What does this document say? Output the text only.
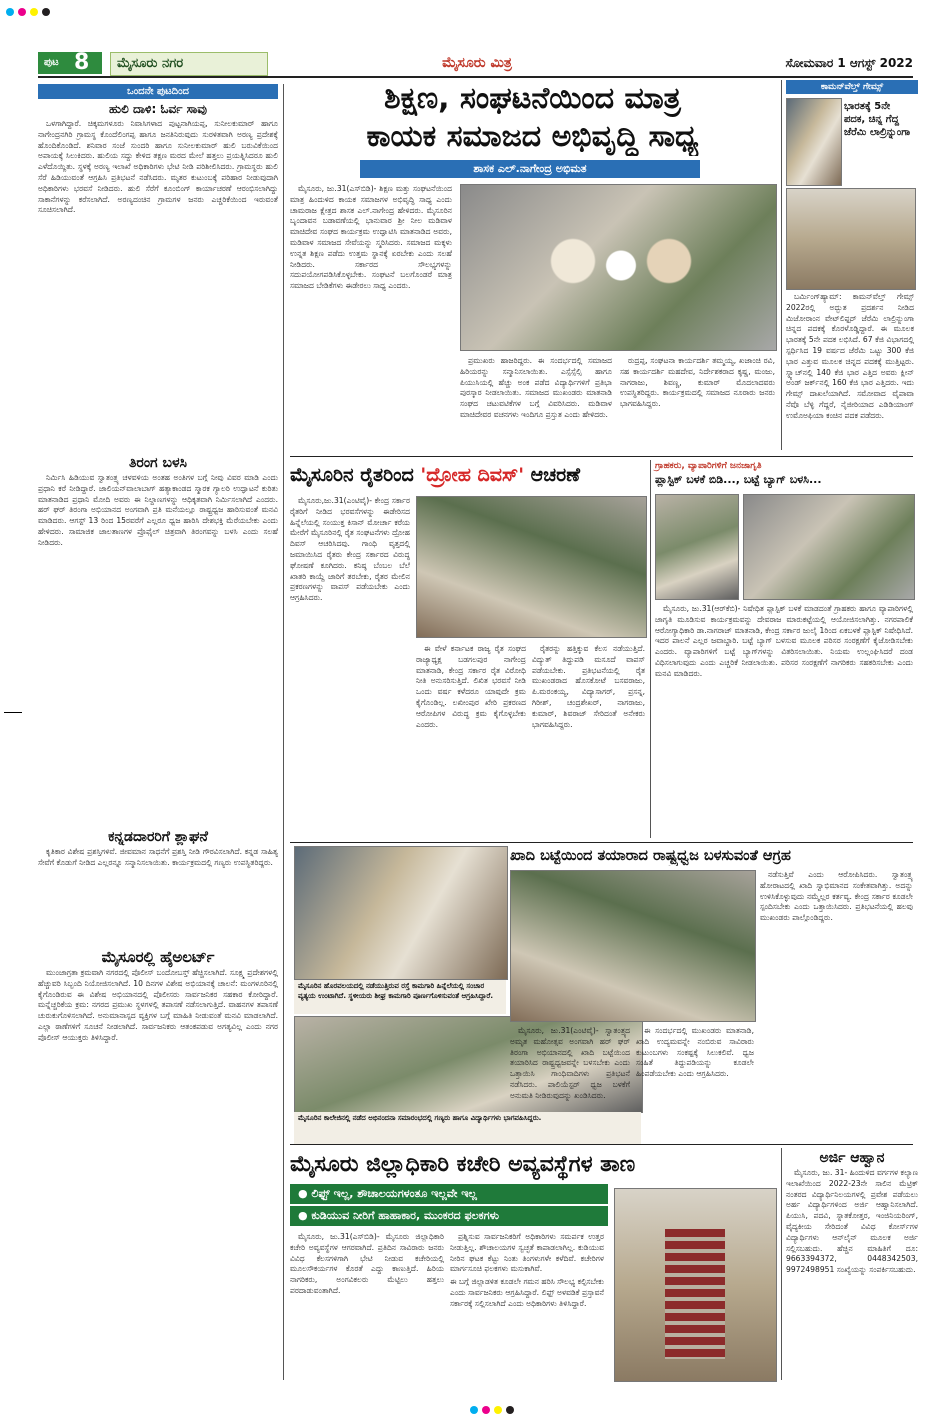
ಪುಟ 8	ಮೈಸೂರು ನಗರ	ಮೈಸೂರು ಮಿತ್ರ	ಸೋಮವಾರ 1 ಆಗಸ್ಟ್ 2022
ಒಂದನೇ ಪುಟದಿಂದ
ಹುಲಿ ದಾಳಿ: ಓರ್ವ ಸಾವು

ಒಳಗಾಗಿದ್ದಾರೆ. ಚಿಕ್ಕಮಗಳೂರು ನಿವಾಸಿಗಳಾದ ಪುಟ್ಟನಾಗಿಯಪ್ಪ, ಸುನೀಲಕುಮಾರ್ ಹಾಗೂ ನಾಗೇಂದ್ರನಗಿರಿ ಗ್ರಾಮಸ್ಥ ಕೊಂದೆಲಿಂಗಪ್ಪ ಹಾಗೂ ಜನತಿನಿರುವುದು ಸುರಳಿತವಾಗಿ ಅರಣ್ಯ ಪ್ರದೇಶಕ್ಕೆ ಹೊಂದಿಕೊಂಡಿದೆ. ಶನಿವಾರ ಸಂಜೆ ಸುಂದರಿ ಹಾಗೂ ಸುನೀಲಕುಮಾರ್ ಹುಲಿ ಬರುವಿಕೆಯಿಂದ ಅಪಾಯಕ್ಕೆ ಸಿಲುಕಿದರು. ಹುಲಿಯ ಸದ್ದು ಕೇಳಿದ ತಕ್ಷಣ ಮರದ ಮೇಲೆ ಹತ್ತಲು ಪ್ರಯತ್ನಿಸಿದರೂ ಹುಲಿ ಎಳೆದೊಯ್ದಿತು. ಸ್ಥಳಕ್ಕೆ ಅರಣ್ಯ ಇಲಾಖೆ ಅಧಿಕಾರಿಗಳು ಭೇಟಿ ನೀಡಿ ಪರಿಶೀಲಿಸಿದರು. ಗ್ರಾಮಸ್ಥರು ಹುಲಿ ಸೆರೆ ಹಿಡಿಯುವಂತೆ ಆಗ್ರಹಿಸಿ ಪ್ರತಿಭಟನೆ ನಡೆಸಿದರು. ಮೃತರ ಕುಟುಂಬಕ್ಕೆ ಪರಿಹಾರ ನೀಡುವುದಾಗಿ ಅಧಿಕಾರಿಗಳು ಭರವಸೆ ನೀಡಿದರು. ಹುಲಿ ಸೆರೆಗೆ ಕೂಂಬಿಂಗ್ ಕಾರ್ಯಾಚರಣೆ ಆರಂಭಿಸಲಾಗಿದ್ದು ಸಾಕಾನೆಗಳನ್ನು ಕರೆಸಲಾಗಿದೆ. ಅರಣ್ಯದಂಚಿನ ಗ್ರಾಮಗಳ ಜನರು ಎಚ್ಚರಿಕೆಯಿಂದ ಇರುವಂತೆ ಸೂಚಿಸಲಾಗಿದೆ.

ತಿರಂಗ ಬಳಸಿ

ನಿರ್ಮಿಸಿ ಹಿಡಿಯುವ ಸ್ವಾತಂತ್ರ್ಯ ಚಳವಳಿಯ ಅಂತಹ ಅಂತಿಗಳ ಬಗ್ಗೆ ನೀವು ವಿವರ ಮಾಡಿ ಎಂದು ಪ್ರಧಾನಿ ಕರೆ ನೀಡಿದ್ದಾರೆ. ಜಾಲಿಯನ್‌ವಾಲಾಬಾಗ್ ಹತ್ಯಾಕಾಂಡದ ಸ್ಮಾರಕ ಗ್ಯಾಲರಿ ಉದ್ಘಾಟನೆ ಕುರಿತು ಮಾತನಾಡಿದ ಪ್ರಧಾನಿ ಮೋದಿ ಅವರು ಈ ನಿಲ್ದಾಣಗಳನ್ನು ಆಧಿಕೃತವಾಗಿ ನಿರ್ಮಿಸಲಾಗಿದೆ ಎಂದರು. ಹರ್ ಘರ್ ತಿರಂಗಾ ಅಭಿಯಾನದ ಅಂಗವಾಗಿ ಪ್ರತಿ ಮನೆಯಲ್ಲೂ ರಾಷ್ಟ್ರಧ್ವಜ ಹಾರಿಸುವಂತೆ ಮನವಿ ಮಾಡಿದರು. ಆಗಸ್ಟ್ 13 ರಿಂದ 15ರವರೆಗೆ ಎಲ್ಲರೂ ಧ್ವಜ ಹಾರಿಸಿ ದೇಶಭಕ್ತಿ ಮೆರೆಯಬೇಕು ಎಂದು ಹೇಳಿದರು. ಸಾಮಾಜಿಕ ಜಾಲತಾಣಗಳ ಪ್ರೊಫೈಲ್ ಚಿತ್ರವಾಗಿ ತಿರಂಗವನ್ನು ಬಳಸಿ ಎಂದು ಸಲಹೆ ನೀಡಿದರು.

ಕನ್ನಡದಾರರಿಗೆ ಶ್ಲಾಘನೆ

ಕೃತಿಕಾರ ವಿಶೇಷ ಪ್ರಶಸ್ತಿಗಳಿವೆ. ಜೀವಮಾನ ಸಾಧನೆಗೆ ಪ್ರಶಸ್ತಿ ನೀಡಿ ಗೌರವಿಸಲಾಗಿದೆ. ಕನ್ನಡ ಸಾಹಿತ್ಯ ಸೇವೆಗೆ ಕೊಡುಗೆ ನೀಡಿದ ಎಲ್ಲರನ್ನೂ ಸನ್ಮಾನಿಸಲಾಯಿತು. ಕಾರ್ಯಕ್ರಮದಲ್ಲಿ ಗಣ್ಯರು ಉಪಸ್ಥಿತರಿದ್ದರು.

ಮೈಸೂರಲ್ಲಿ ಹೈಅಲರ್ಟ್

ಮುಂಜಾಗ್ರತಾ ಕ್ರಮವಾಗಿ ನಗರದಲ್ಲಿ ಪೊಲೀಸ್ ಬಂದೋಬಸ್ತ್ ಹೆಚ್ಚಿಸಲಾಗಿದೆ. ಸೂಕ್ಷ್ಮ ಪ್ರದೇಶಗಳಲ್ಲಿ ಹೆಚ್ಚುವರಿ ಸಿಬ್ಬಂದಿ ನಿಯೋಜಿಸಲಾಗಿದೆ. 10 ದಿನಗಳ ವಿಶೇಷ ಅಭಿಯಾನಕ್ಕೆ ಚಾಲನೆ: ಮಂಗಳೂರಿನಲ್ಲಿ ಕೈಗೊಂಡಿರುವ ಈ ವಿಶೇಷ ಅಭಿಯಾನದಲ್ಲಿ ಪೊಲೀಸರು ಸಾರ್ವಜನಿಕರ ಸಹಕಾರ ಕೋರಿದ್ದಾರೆ. ಮನ್ನೆಚ್ಚರಿಕೆಯ ಕ್ರಮ: ನಗರದ ಪ್ರಮುಖ ಸ್ಥಳಗಳಲ್ಲಿ ತಪಾಸಣೆ ನಡೆಸಲಾಗುತ್ತಿದೆ. ವಾಹನಗಳ ತಪಾಸಣೆ ಚುರುಕುಗೊಳಿಸಲಾಗಿದೆ. ಅನುಮಾನಾಸ್ಪದ ವ್ಯಕ್ತಿಗಳ ಬಗ್ಗೆ ಮಾಹಿತಿ ನೀಡುವಂತೆ ಮನವಿ ಮಾಡಲಾಗಿದೆ. ಎಲ್ಲಾ ಠಾಣೆಗಳಿಗೆ ಸೂಚನೆ ನೀಡಲಾಗಿದೆ. ಸಾರ್ವಜನಿಕರು ಆತಂಕಪಡುವ ಅಗತ್ಯವಿಲ್ಲ ಎಂದು ನಗರ ಪೊಲೀಸ್ ಆಯುಕ್ತರು ತಿಳಿಸಿದ್ದಾರೆ.

ಶಿಕ್ಷಣ, ಸಂಘಟನೆಯಿಂದ ಮಾತ್ರ
ಕಾಯಕ ಸಮಾಜದ ಅಭಿವೃದ್ಧಿ ಸಾಧ್ಯ
ಶಾಸಕ ಎಲ್.ನಾಗೇಂದ್ರ ಅಭಿಮತ

ಮೈಸೂರು, ಜು.31(ಎಸ್‌ಬಿಡಿ)- ಶಿಕ್ಷಣ ಮತ್ತು ಸಂಘಟನೆಯಿಂದ ಮಾತ್ರ ಹಿಂದುಳಿದ ಕಾಯಕ ಸಮಾಜಗಳ ಅಭಿವೃದ್ಧಿ ಸಾಧ್ಯ ಎಂದು ಚಾಮರಾಜ ಕ್ಷೇತ್ರದ ಶಾಸಕ ಎಲ್.ನಾಗೇಂದ್ರ ಹೇಳಿದರು. ಮೈಸೂರಿನ ಬೃಂದಾವನ ಬಡಾವಣೆಯಲ್ಲಿ ಭಾನುವಾರ ಶ್ರೀ ನೀಲ ಮಡಿವಾಳ ಮಾಚಿದೇವ ಸಂಘದ ಕಾರ್ಯಕ್ರಮ ಉದ್ಘಾಟಿಸಿ ಮಾತನಾಡಿದ ಅವರು, ಮಡಿವಾಳ ಸಮಾಜದ ಸೇವೆಯನ್ನು ಸ್ಮರಿಸಿದರು. ಸಮಾಜದ ಮಕ್ಕಳು ಉನ್ನತ ಶಿಕ್ಷಣ ಪಡೆದು ಉತ್ತಮ ಸ್ಥಾನಕ್ಕೆ ಏರಬೇಕು ಎಂದು ಸಲಹೆ ನೀಡಿದರು. ಸರ್ಕಾರದ ಸೌಲಭ್ಯಗಳನ್ನು ಸದುಪಯೋಗಪಡಿಸಿಕೊಳ್ಳಬೇಕು. ಸಂಘಟನೆ ಬಲಗೊಂಡರೆ ಮಾತ್ರ ಸಮಾಜದ ಬೇಡಿಕೆಗಳು ಈಡೇರಲು ಸಾಧ್ಯ ಎಂದರು.

ಪ್ರಮುಖರು ಹಾಜರಿದ್ದರು. ಈ ಸಂದರ್ಭದಲ್ಲಿ ಸಮಾಜದ ಹಿರಿಯರನ್ನು ಸನ್ಮಾನಿಸಲಾಯಿತು. ಎಸ್ಸೆಸ್ಸೆಲ್ಸಿ ಹಾಗೂ ಪಿಯುಸಿಯಲ್ಲಿ ಹೆಚ್ಚು ಅಂಕ ಪಡೆದ ವಿದ್ಯಾರ್ಥಿಗಳಿಗೆ ಪ್ರತಿಭಾ ಪುರಸ್ಕಾರ ನೀಡಲಾಯಿತು. ಸಮಾಜದ ಮುಖಂಡರು ಮಾತನಾಡಿ ಸಂಘದ ಚಟುವಟಿಕೆಗಳ ಬಗ್ಗೆ ವಿವರಿಸಿದರು. ಮಡಿವಾಳ ಮಾಚಿದೇವರ ವಚನಗಳು ಇಂದಿಗೂ ಪ್ರಸ್ತುತ ಎಂದು ಹೇಳಿದರು.

ರುದ್ರಪ್ಪ, ಸಂಘಟನಾ ಕಾರ್ಯದರ್ಶಿ ತಮ್ಮಯ್ಯ, ಖಜಾಂಚಿ ರವಿ, ಸಹ ಕಾರ್ಯದರ್ಶಿ ಮಹದೇವ, ನಿರ್ದೇಶಕರಾದ ಕೃಷ್ಣ, ಮಂಜು, ನಾಗರಾಜು, ಶಿವಣ್ಣ, ಕುಮಾರ್ ಮೊದಲಾದವರು ಉಪಸ್ಥಿತರಿದ್ದರು. ಕಾರ್ಯಕ್ರಮದಲ್ಲಿ ಸಮಾಜದ ನೂರಾರು ಜನರು ಭಾಗವಹಿಸಿದ್ದರು.

ಕಾಮನ್‌ವೆಲ್ತ್ ಗೇಮ್ಸ್
ಭಾರತಕ್ಕೆ 5ನೇ ಪದಕ, ಚಿನ್ನ ಗೆದ್ದ ಜೆರೆಮಿ ಲಾಲ್ರಿನ್ನುಂಗಾ

ಬರ್ಮಿಂಗ್‌ಹ್ಯಾಮ್: ಕಾಮನ್‌ವೆಲ್ತ್ ಗೇಮ್ಸ್ 2022ರಲ್ಲಿ ಅದ್ಭುತ ಪ್ರದರ್ಶನ ನೀಡಿದ ಮಿಜೋರಾಂನ ವೇಟ್‌ಲಿಫ್ಟರ್ ಜೆರೆಮಿ ಲಾಲ್ರಿನ್ನುಂಗಾ ಚಿನ್ನದ ಪದಕಕ್ಕೆ ಕೊರಳೊಡ್ಡಿದ್ದಾರೆ. ಈ ಮೂಲಕ ಭಾರತಕ್ಕೆ 5ನೇ ಪದಕ ಲಭಿಸಿದೆ. 67 ಕೆಜಿ ವಿಭಾಗದಲ್ಲಿ ಸ್ಪರ್ಧಿಸಿದ 19 ವರ್ಷದ ಜೆರೆಮಿ ಒಟ್ಟು 300 ಕೆಜಿ ಭಾರ ಎತ್ತುವ ಮೂಲಕ ಚಿನ್ನದ ಪದಕಕ್ಕೆ ಮುತ್ತಿಟ್ಟರು. ಸ್ನ್ಯಾಚ್‌ನಲ್ಲಿ 140 ಕೆಜಿ ಭಾರ ಎತ್ತಿದ ಅವರು ಕ್ಲೀನ್ ಅಂಡ್ ಜರ್ಕ್‌ನಲ್ಲಿ 160 ಕೆಜಿ ಭಾರ ಎತ್ತಿದರು. ಇದು ಗೇಮ್ಸ್ ದಾಖಲೆಯಾಗಿದೆ. ಸಮೋವಾದ ವೈಪಾವಾ ನೆವೊ ಬೆಳ್ಳಿ ಗೆದ್ದರೆ, ನೈಜೀರಿಯಾದ ಎಡಿಡಿಯಾಂಗ್ ಉಮೊಅಫಿಯಾ ಕಂಚಿನ ಪದಕ ಪಡೆದರು.

ಮೈಸೂರಿನ ರೈತರಿಂದ 'ದ್ರೋಹ ದಿವಸ್' ಆಚರಣೆ

ಮೈಸೂರು,ಜು.31(ಎಂಟಿವೈ)- ಕೇಂದ್ರ ಸರ್ಕಾರ ರೈತರಿಗೆ ನೀಡಿದ ಭರವಸೆಗಳನ್ನು ಈಡೇರಿಸದ ಹಿನ್ನೆಲೆಯಲ್ಲಿ ಸಂಯುಕ್ತ ಕಿಸಾನ್ ಮೋರ್ಚಾ ಕರೆಯ ಮೇರೆಗೆ ಮೈಸೂರಿನಲ್ಲಿ ರೈತ ಸಂಘಟನೆಗಳು ದ್ರೋಹ ದಿವಸ್ ಆಚರಿಸಿದವು. ಗಾಂಧಿ ವೃತ್ತದಲ್ಲಿ ಜಮಾಯಿಸಿದ ರೈತರು ಕೇಂದ್ರ ಸರ್ಕಾರದ ವಿರುದ್ಧ ಘೋಷಣೆ ಕೂಗಿದರು. ಕನಿಷ್ಠ ಬೆಂಬಲ ಬೆಲೆ ಖಾತರಿ ಕಾಯ್ದೆ ಜಾರಿಗೆ ತರಬೇಕು, ರೈತರ ಮೇಲಿನ ಪ್ರಕರಣಗಳನ್ನು ವಾಪಸ್ ಪಡೆಯಬೇಕು ಎಂದು ಆಗ್ರಹಿಸಿದರು.

ಈ ವೇಳೆ ಕರ್ನಾಟಕ ರಾಜ್ಯ ರೈತ ಸಂಘದ ರಾಜ್ಯಾಧ್ಯಕ್ಷ ಬಡಗಲಪುರ ನಾಗೇಂದ್ರ ಮಾತನಾಡಿ, ಕೇಂದ್ರ ಸರ್ಕಾರ ರೈತ ವಿರೋಧಿ ನೀತಿ ಅನುಸರಿಸುತ್ತಿದೆ. ಲಿಖಿತ ಭರವಸೆ ನೀಡಿ ಒಂದು ವರ್ಷ ಕಳೆದರೂ ಯಾವುದೇ ಕ್ರಮ ಕೈಗೊಂಡಿಲ್ಲ. ಲಖೀಂಪುರ ಖೇರಿ ಪ್ರಕರಣದ ಆರೋಪಿಗಳ ವಿರುದ್ಧ ಕ್ರಮ ಕೈಗೊಳ್ಳಬೇಕು ಎಂದರು.

ರೈತರನ್ನು ಹತ್ತಿಕ್ಕುವ ಕೆಲಸ ನಡೆಯುತ್ತಿದೆ. ವಿದ್ಯುತ್ ತಿದ್ದುಪಡಿ ಮಸೂದೆ ವಾಪಸ್ ಪಡೆಯಬೇಕು. ಪ್ರತಿಭಟನೆಯಲ್ಲಿ ರೈತ ಮುಖಂಡರಾದ ಹೊಸಕೋಟೆ ಬಸವರಾಜು, ಪಿ.ಮರಂಕಯ್ಯ, ವಿದ್ಯಾಸಾಗರ್, ಪ್ರಸನ್ನ, ಗಿರೀಶ್, ಚಂದ್ರಶೇಖರ್, ನಾಗರಾಜು, ಕುಮಾರ್, ಶಿವರಾಜ್ ಸೇರಿದಂತೆ ಅನೇಕರು ಭಾಗವಹಿಸಿದ್ದರು.

ಗ್ರಾಹಕರು, ವ್ಯಾಪಾರಿಗಳಿಗೆ ಜನಜಾಗೃತಿ
ಪ್ಲಾಸ್ಟಿಕ್ ಬಳಕೆ ಬಿಡಿ..., ಬಟ್ಟೆ ಬ್ಯಾಗ್ ಬಳಸಿ...

ಮೈಸೂರು, ಜು.31(ಆರ್‌ಕೆಬಿ)- ನಿಷೇಧಿತ ಪ್ಲಾಸ್ಟಿಕ್ ಬಳಕೆ ಮಾಡದಂತೆ ಗ್ರಾಹಕರು ಹಾಗೂ ವ್ಯಾಪಾರಿಗಳಲ್ಲಿ ಜಾಗೃತಿ ಮೂಡಿಸುವ ಕಾರ್ಯಕ್ರಮವನ್ನು ದೇವರಾಜ ಮಾರುಕಟ್ಟೆಯಲ್ಲಿ ಆಯೋಜಿಸಲಾಗಿತ್ತು. ನಗರಪಾಲಿಕೆ ಆರೋಗ್ಯಾಧಿಕಾರಿ ಡಾ.ನಾಗರಾಜ್ ಮಾತನಾಡಿ, ಕೇಂದ್ರ ಸರ್ಕಾರ ಜುಲೈ 1ರಿಂದ ಏಕಬಳಕೆ ಪ್ಲಾಸ್ಟಿಕ್ ನಿಷೇಧಿಸಿದೆ. ಇದರ ಪಾಲನೆ ಎಲ್ಲರ ಜವಾಬ್ದಾರಿ. ಬಟ್ಟೆ ಬ್ಯಾಗ್ ಬಳಸುವ ಮೂಲಕ ಪರಿಸರ ಸಂರಕ್ಷಣೆಗೆ ಕೈಜೋಡಿಸಬೇಕು ಎಂದರು. ವ್ಯಾಪಾರಿಗಳಿಗೆ ಬಟ್ಟೆ ಬ್ಯಾಗ್‌ಗಳನ್ನು ವಿತರಿಸಲಾಯಿತು. ನಿಯಮ ಉಲ್ಲಂಘಿಸಿದರೆ ದಂಡ ವಿಧಿಸಲಾಗುವುದು ಎಂದು ಎಚ್ಚರಿಕೆ ನೀಡಲಾಯಿತು. ಪರಿಸರ ಸಂರಕ್ಷಣೆಗೆ ನಾಗರಿಕರು ಸಹಕರಿಸಬೇಕು ಎಂದು ಮನವಿ ಮಾಡಿದರು.

ಮೈಸೂರಿನ ಹೊರವಲಯದಲ್ಲಿ ನಡೆಯುತ್ತಿರುವ ರಸ್ತೆ ಕಾಮಗಾರಿ ಹಿನ್ನೆಲೆಯಲ್ಲಿ ಸಂಚಾರ ವ್ಯತ್ಯಯ ಉಂಟಾಗಿದೆ. ಸ್ಥಳೀಯರು ಶೀಘ್ರ ಕಾಮಗಾರಿ ಪೂರ್ಣಗೊಳಿಸುವಂತೆ ಆಗ್ರಹಿಸಿದ್ದಾರೆ.
ಮೈಸೂರಿನ ಕಾಲೇಜಿನಲ್ಲಿ ನಡೆದ ಅಭಿನಂದನಾ ಸಮಾರಂಭದಲ್ಲಿ ಗಣ್ಯರು ಹಾಗೂ ವಿದ್ಯಾರ್ಥಿಗಳು ಭಾಗವಹಿಸಿದ್ದರು.
ಖಾದಿ ಬಟ್ಟೆಯಿಂದ ತಯಾರಾದ ರಾಷ್ಟ್ರಧ್ವಜ ಬಳಸುವಂತೆ ಆಗ್ರಹ

ಮೈಸೂರು, ಜು.31(ಎಂಟಿವೈ)- ಸ್ವಾತಂತ್ರ್ಯದ ಅಮೃತ ಮಹೋತ್ಸವ ಅಂಗವಾಗಿ ಹರ್ ಘರ್ ತಿರಂಗಾ ಅಭಿಯಾನದಲ್ಲಿ ಖಾದಿ ಬಟ್ಟೆಯಿಂದ ತಯಾರಿಸಿದ ರಾಷ್ಟ್ರಧ್ವಜವನ್ನೇ ಬಳಸಬೇಕು ಎಂದು ಒತ್ತಾಯಿಸಿ ಗಾಂಧಿವಾದಿಗಳು ಪ್ರತಿಭಟನೆ ನಡೆಸಿದರು. ಪಾಲಿಯೆಸ್ಟರ್ ಧ್ವಜ ಬಳಕೆಗೆ ಅನುಮತಿ ನೀಡಿರುವುದನ್ನು ಖಂಡಿಸಿದರು.

ಈ ಸಂದರ್ಭದಲ್ಲಿ ಮುಖಂಡರು ಮಾತನಾಡಿ, ಖಾದಿ ಉದ್ಯಮವನ್ನೇ ನಂಬಿರುವ ಸಾವಿರಾರು ಕುಟುಂಬಗಳು ಸಂಕಷ್ಟಕ್ಕೆ ಸಿಲುಕಲಿವೆ. ಧ್ವಜ ಸಂಹಿತೆ ತಿದ್ದುಪಡಿಯನ್ನು ಕೂಡಲೇ ಹಿಂಪಡೆಯಬೇಕು ಎಂದು ಆಗ್ರಹಿಸಿದರು.

ನಡೆಸುತ್ತಿವೆ ಎಂದು ಆರೋಪಿಸಿದರು. ಸ್ವಾತಂತ್ರ್ಯ ಹೋರಾಟದಲ್ಲಿ ಖಾದಿ ಸ್ವಾಭಿಮಾನದ ಸಂಕೇತವಾಗಿತ್ತು. ಅದನ್ನು ಉಳಿಸಿಕೊಳ್ಳುವುದು ನಮ್ಮೆಲ್ಲರ ಕರ್ತವ್ಯ. ಕೇಂದ್ರ ಸರ್ಕಾರ ಕೂಡಲೇ ಸ್ಪಂದಿಸಬೇಕು ಎಂದು ಒತ್ತಾಯಿಸಿದರು. ಪ್ರತಿಭಟನೆಯಲ್ಲಿ ಹಲವು ಮುಖಂಡರು ಪಾಲ್ಗೊಂಡಿದ್ದರು.

ಮೈಸೂರು ಜಿಲ್ಲಾಧಿಕಾರಿ ಕಚೇರಿ ಅವ್ಯವಸ್ಥೆಗಳ ತಾಣ
● ಲಿಫ್ಟ್ ಇಲ್ಲ, ಶೌಚಾಲಯಗಳಂತೂ ಇಲ್ಲವೇ ಇಲ್ಲ
● ಕುಡಿಯುವ ನೀರಿಗೆ ಹಾಹಾಕಾರ, ಮುಂಕರದ ಫಲಕಗಳು

ಮೈಸೂರು, ಜು.31(ಎಸ್‌ಬಿಡಿ)- ಮೈಸೂರು ಜಿಲ್ಲಾಧಿಕಾರಿ ಕಚೇರಿ ಅವ್ಯವಸ್ಥೆಗಳ ಆಗರವಾಗಿದೆ. ಪ್ರತಿದಿನ ಸಾವಿರಾರು ಜನರು ವಿವಿಧ ಕೆಲಸಗಳಿಗಾಗಿ ಭೇಟಿ ನೀಡುವ ಕಚೇರಿಯಲ್ಲಿ ಮೂಲಸೌಕರ್ಯಗಳ ಕೊರತೆ ಎದ್ದು ಕಾಣುತ್ತಿದೆ. ಹಿರಿಯ ನಾಗರಿಕರು, ಅಂಗವಿಕಲರು ಮೆಟ್ಟಿಲು ಹತ್ತಲು ಪರದಾಡುವಂತಾಗಿದೆ.

ಪ್ರಶ್ನಿಸುವ ಸಾರ್ವಜನಿಕರಿಗೆ ಅಧಿಕಾರಿಗಳು ಸಮರ್ಪಕ ಉತ್ತರ ನೀಡುತ್ತಿಲ್ಲ. ಶೌಚಾಲಯಗಳ ಸ್ವಚ್ಛತೆ ಕಾಪಾಡಲಾಗಿಲ್ಲ. ಕುಡಿಯುವ ನೀರಿನ ಘಟಕ ಕೆಟ್ಟು ನಿಂತು ತಿಂಗಳುಗಳೇ ಕಳೆದಿವೆ. ಕಚೇರಿಗಳ ಮಾರ್ಗಸೂಚಿ ಫಲಕಗಳು ಮಸುಕಾಗಿವೆ.

ಈ ಬಗ್ಗೆ ಜಿಲ್ಲಾಡಳಿತ ಕೂಡಲೇ ಗಮನ ಹರಿಸಿ ಸೌಲಭ್ಯ ಕಲ್ಪಿಸಬೇಕು ಎಂದು ಸಾರ್ವಜನಿಕರು ಆಗ್ರಹಿಸಿದ್ದಾರೆ. ಲಿಫ್ಟ್ ಅಳವಡಿಕೆ ಪ್ರಸ್ತಾವನೆ ಸರ್ಕಾರಕ್ಕೆ ಸಲ್ಲಿಸಲಾಗಿದೆ ಎಂದು ಅಧಿಕಾರಿಗಳು ತಿಳಿಸಿದ್ದಾರೆ.

ಅರ್ಜಿ ಆಹ್ವಾನ

ಮೈಸೂರು, ಜು. 31- ಹಿಂದುಳಿದ ವರ್ಗಗಳ ಕಲ್ಯಾಣ ಇಲಾಖೆಯಿಂದ 2022-23ನೇ ಸಾಲಿನ ಮೆಟ್ರಿಕ್ ನಂತರದ ವಿದ್ಯಾರ್ಥಿನಿಲಯಗಳಲ್ಲಿ ಪ್ರವೇಶ ಪಡೆಯಲು ಅರ್ಹ ವಿದ್ಯಾರ್ಥಿಗಳಿಂದ ಅರ್ಜಿ ಆಹ್ವಾನಿಸಲಾಗಿದೆ. ಪಿಯುಸಿ, ಪದವಿ, ಸ್ನಾತಕೋತ್ತರ, ಇಂಜಿನಿಯರಿಂಗ್, ವೈದ್ಯಕೀಯ ಸೇರಿದಂತೆ ವಿವಿಧ ಕೋರ್ಸ್‌ಗಳ ವಿದ್ಯಾರ್ಥಿಗಳು ಆನ್‌ಲೈನ್ ಮೂಲಕ ಅರ್ಜಿ ಸಲ್ಲಿಸಬಹುದು. ಹೆಚ್ಚಿನ ಮಾಹಿತಿಗೆ ದೂ: 9663394372, 0448342503, 9972498951 ಸಂಖ್ಯೆಯನ್ನು ಸಂಪರ್ಕಿಸಬಹುದು.
